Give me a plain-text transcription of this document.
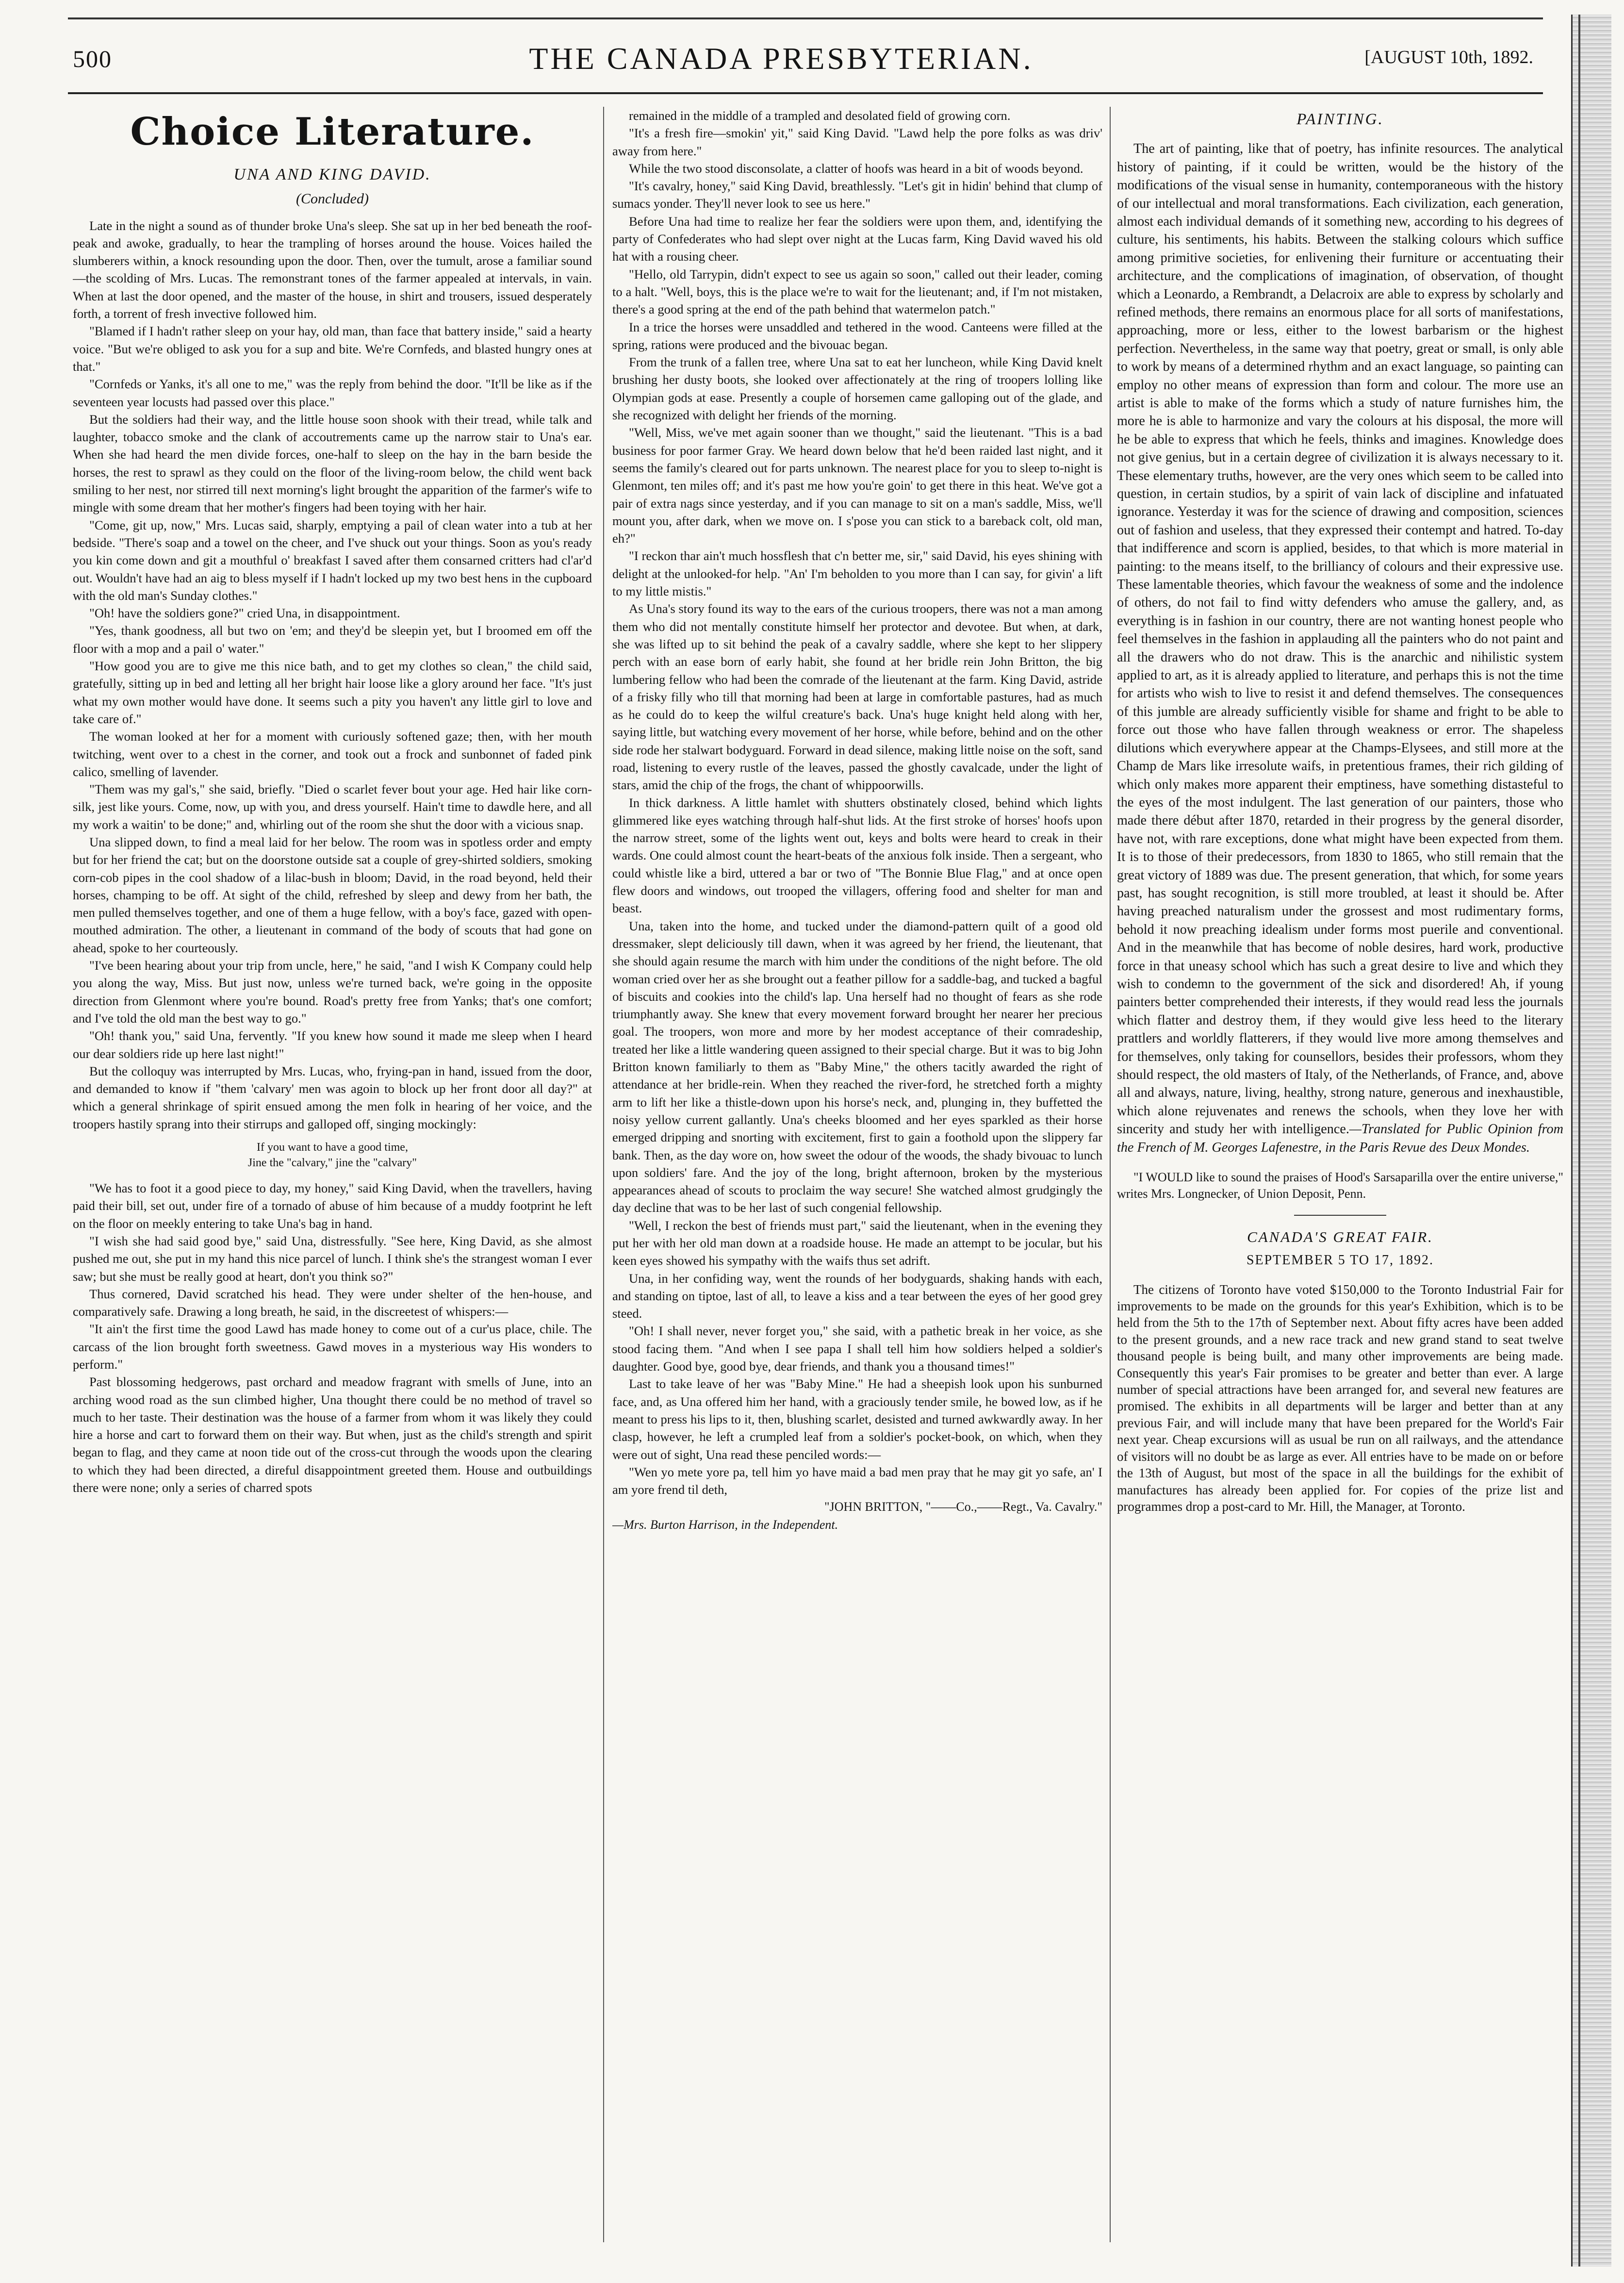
500	THE CANADA PRESBYTERIAN.	[AUGUST 10th, 1892.
Choice Literature.
UNA AND KING DAVID.
(Concluded)

Late in the night a sound as of thunder broke Una's sleep. She sat up in her bed beneath the roof-peak and awoke, gradually, to hear the trampling of horses around the house. Voices hailed the slumberers within, a knock resounding upon the door. Then, over the tumult, arose a familiar sound—the scolding of Mrs. Lucas. The remonstrant tones of the farmer appealed at intervals, in vain. When at last the door opened, and the master of the house, in shirt and trousers, issued desperately forth, a torrent of fresh invective followed him.

"Blamed if I hadn't rather sleep on your hay, old man, than face that battery inside," said a hearty voice. "But we're obliged to ask you for a sup and bite. We're Cornfeds, and blasted hungry ones at that."

"Cornfeds or Yanks, it's all one to me," was the reply from behind the door. "It'll be like as if the seventeen year locusts had passed over this place."

But the soldiers had their way, and the little house soon shook with their tread, while talk and laughter, tobacco smoke and the clank of accoutrements came up the narrow stair to Una's ear. When she had heard the men divide forces, one-half to sleep on the hay in the barn beside the horses, the rest to sprawl as they could on the floor of the living-room below, the child went back smiling to her nest, nor stirred till next morning's light brought the apparition of the farmer's wife to mingle with some dream that her mother's fingers had been toying with her hair.

"Come, git up, now," Mrs. Lucas said, sharply, emptying a pail of clean water into a tub at her bedside. "There's soap and a towel on the cheer, and I've shuck out your things. Soon as you's ready you kin come down and git a mouthful o' breakfast I saved after them consarned critters had cl'ar'd out. Wouldn't have had an aig to bless myself if I hadn't locked up my two best hens in the cupboard with the old man's Sunday clothes."

"Oh! have the soldiers gone?" cried Una, in disappointment.

"Yes, thank goodness, all but two on 'em; and they'd be sleepin yet, but I broomed em off the floor with a mop and a pail o' water."

"How good you are to give me this nice bath, and to get my clothes so clean," the child said, gratefully, sitting up in bed and letting all her bright hair loose like a glory around her face. "It's just what my own mother would have done. It seems such a pity you haven't any little girl to love and take care of."

The woman looked at her for a moment with curiously softened gaze; then, with her mouth twitching, went over to a chest in the corner, and took out a frock and sunbonnet of faded pink calico, smelling of lavender.

"Them was my gal's," she said, briefly. "Died o scarlet fever bout your age. Hed hair like corn-silk, jest like yours. Come, now, up with you, and dress yourself. Hain't time to dawdle here, and all my work a waitin' to be done;" and, whirling out of the room she shut the door with a vicious snap.

Una slipped down, to find a meal laid for her below. The room was in spotless order and empty but for her friend the cat; but on the doorstone outside sat a couple of grey-shirted soldiers, smoking corn-cob pipes in the cool shadow of a lilac-bush in bloom; David, in the road beyond, held their horses, champing to be off. At sight of the child, refreshed by sleep and dewy from her bath, the men pulled themselves together, and one of them a huge fellow, with a boy's face, gazed with open-mouthed admiration. The other, a lieutenant in command of the body of scouts that had gone on ahead, spoke to her courteously.

"I've been hearing about your trip from uncle, here," he said, "and I wish K Company could help you along the way, Miss. But just now, unless we're turned back, we're going in the opposite direction from Glenmont where you're bound. Road's pretty free from Yanks; that's one comfort; and I've told the old man the best way to go."

"Oh! thank you," said Una, fervently. "If you knew how sound it made me sleep when I heard our dear soldiers ride up here last night!"

But the colloquy was interrupted by Mrs. Lucas, who, frying-pan in hand, issued from the door, and demanded to know if "them 'calvary' men was agoin to block up her front door all day?" at which a general shrinkage of spirit ensued among the men folk in hearing of her voice, and the troopers hastily sprang into their stirrups and galloped off, singing mockingly:

If you want to have a good time,
Jine the "calvary," jine the "calvary"

"We has to foot it a good piece to day, my honey," said King David, when the travellers, having paid their bill, set out, under fire of a tornado of abuse of him because of a muddy footprint he left on the floor on meekly entering to take Una's bag in hand.

"I wish she had said good bye," said Una, distressfully. "See here, King David, as she almost pushed me out, she put in my hand this nice parcel of lunch. I think she's the strangest woman I ever saw; but she must be really good at heart, don't you think so?"

Thus cornered, David scratched his head. They were under shelter of the hen-house, and comparatively safe. Drawing a long breath, he said, in the discreetest of whispers:—

"It ain't the first time the good Lawd has made honey to come out of a cur'us place, chile. The carcass of the lion brought forth sweetness. Gawd moves in a mysterious way His wonders to perform."

Past blossoming hedgerows, past orchard and meadow fragrant with smells of June, into an arching wood road as the sun climbed higher, Una thought there could be no method of travel so much to her taste. Their destination was the house of a farmer from whom it was likely they could hire a horse and cart to forward them on their way. But when, just as the child's strength and spirit began to flag, and they came at noon tide out of the cross-cut through the woods upon the clearing to which they had been directed, a direful disappointment greeted them. House and outbuildings there were none; only a series of charred spots

remained in the middle of a trampled and desolated field of growing corn.

"It's a fresh fire—smokin' yit," said King David. "Lawd help the pore folks as was driv' away from here."

While the two stood disconsolate, a clatter of hoofs was heard in a bit of woods beyond.

"It's cavalry, honey," said King David, breathlessly. "Let's git in hidin' behind that clump of sumacs yonder. They'll never look to see us here."

Before Una had time to realize her fear the soldiers were upon them, and, identifying the party of Confederates who had slept over night at the Lucas farm, King David waved his old hat with a rousing cheer.

"Hello, old Tarrypin, didn't expect to see us again so soon," called out their leader, coming to a halt. "Well, boys, this is the place we're to wait for the lieutenant; and, if I'm not mistaken, there's a good spring at the end of the path behind that watermelon patch."

In a trice the horses were unsaddled and tethered in the wood. Canteens were filled at the spring, rations were produced and the bivouac began.

From the trunk of a fallen tree, where Una sat to eat her luncheon, while King David knelt brushing her dusty boots, she looked over affectionately at the ring of troopers lolling like Olympian gods at ease. Presently a couple of horsemen came galloping out of the glade, and she recognized with delight her friends of the morning.

"Well, Miss, we've met again sooner than we thought," said the lieutenant. "This is a bad business for poor farmer Gray. We heard down below that he'd been raided last night, and it seems the family's cleared out for parts unknown. The nearest place for you to sleep to-night is Glenmont, ten miles off; and it's past me how you're goin' to get there in this heat. We've got a pair of extra nags since yesterday, and if you can manage to sit on a man's saddle, Miss, we'll mount you, after dark, when we move on. I s'pose you can stick to a bareback colt, old man, eh?"

"I reckon thar ain't much hossflesh that c'n better me, sir," said David, his eyes shining with delight at the unlooked-for help. "An' I'm beholden to you more than I can say, for givin' a lift to my little mistis."

As Una's story found its way to the ears of the curious troopers, there was not a man among them who did not mentally constitute himself her protector and devotee. But when, at dark, she was lifted up to sit behind the peak of a cavalry saddle, where she kept to her slippery perch with an ease born of early habit, she found at her bridle rein John Britton, the big lumbering fellow who had been the comrade of the lieutenant at the farm. King David, astride of a frisky filly who till that morning had been at large in comfortable pastures, had as much as he could do to keep the wilful creature's back. Una's huge knight held along with her, saying little, but watching every movement of her horse, while before, behind and on the other side rode her stalwart bodyguard. Forward in dead silence, making little noise on the soft, sand road, listening to every rustle of the leaves, passed the ghostly cavalcade, under the light of stars, amid the chip of the frogs, the chant of whippoorwills.

In thick darkness. A little hamlet with shutters obstinately closed, behind which lights glimmered like eyes watching through half-shut lids. At the first stroke of horses' hoofs upon the narrow street, some of the lights went out, keys and bolts were heard to creak in their wards. One could almost count the heart-beats of the anxious folk inside. Then a sergeant, who could whistle like a bird, uttered a bar or two of "The Bonnie Blue Flag," and at once open flew doors and windows, out trooped the villagers, offering food and shelter for man and beast.

Una, taken into the home, and tucked under the diamond-pattern quilt of a good old dressmaker, slept deliciously till dawn, when it was agreed by her friend, the lieutenant, that she should again resume the march with him under the conditions of the night before. The old woman cried over her as she brought out a feather pillow for a saddle-bag, and tucked a bagful of biscuits and cookies into the child's lap. Una herself had no thought of fears as she rode triumphantly away. She knew that every movement forward brought her nearer her precious goal. The troopers, won more and more by her modest acceptance of their comradeship, treated her like a little wandering queen assigned to their special charge. But it was to big John Britton known familiarly to them as "Baby Mine," the others tacitly awarded the right of attendance at her bridle-rein. When they reached the river-ford, he stretched forth a mighty arm to lift her like a thistle-down upon his horse's neck, and, plunging in, they buffetted the noisy yellow current gallantly. Una's cheeks bloomed and her eyes sparkled as their horse emerged dripping and snorting with excitement, first to gain a foothold upon the slippery far bank. Then, as the day wore on, how sweet the odour of the woods, the shady bivouac to lunch upon soldiers' fare. And the joy of the long, bright afternoon, broken by the mysterious appearances ahead of scouts to proclaim the way secure! She watched almost grudgingly the day decline that was to be her last of such congenial fellowship.

"Well, I reckon the best of friends must part," said the lieutenant, when in the evening they put her with her old man down at a roadside house. He made an attempt to be jocular, but his keen eyes showed his sympathy with the waifs thus set adrift.

Una, in her confiding way, went the rounds of her bodyguards, shaking hands with each, and standing on tiptoe, last of all, to leave a kiss and a tear between the eyes of her good grey steed.

"Oh! I shall never, never forget you," she said, with a pathetic break in her voice, as she stood facing them. "And when I see papa I shall tell him how soldiers helped a soldier's daughter. Good bye, good bye, dear friends, and thank you a thousand times!"

Last to take leave of her was "Baby Mine." He had a sheepish look upon his sunburned face, and, as Una offered him her hand, with a graciously tender smile, he bowed low, as if he meant to press his lips to it, then, blushing scarlet, desisted and turned awkwardly away. In her clasp, however, he left a crumpled leaf from a soldier's pocket-book, on which, when they were out of sight, Una read these penciled words:—

"Wen yo mete yore pa, tell him yo have maid a bad men pray that he may git yo safe, an' I am yore frend til deth,

"JOHN BRITTON, "——Co.,——Regt., Va. Cavalry."

—Mrs. Burton Harrison, in the Independent.

PAINTING.

The art of painting, like that of poetry, has infinite resources. The analytical history of painting, if it could be written, would be the history of the modifications of the visual sense in humanity, contemporaneous with the history of our intellectual and moral transformations. Each civilization, each generation, almost each individual demands of it something new, according to his degrees of culture, his sentiments, his habits. Between the stalking colours which suffice among primitive societies, for enlivening their furniture or accentuating their architecture, and the complications of imagination, of observation, of thought which a Leonardo, a Rembrandt, a Delacroix are able to express by scholarly and refined methods, there remains an enormous place for all sorts of manifestations, approaching, more or less, either to the lowest barbarism or the highest perfection. Nevertheless, in the same way that poetry, great or small, is only able to work by means of a determined rhythm and an exact language, so painting can employ no other means of expression than form and colour. The more use an artist is able to make of the forms which a study of nature furnishes him, the more he is able to harmonize and vary the colours at his disposal, the more will he be able to express that which he feels, thinks and imagines. Knowledge does not give genius, but in a certain degree of civilization it is always necessary to it. These elementary truths, however, are the very ones which seem to be called into question, in certain studios, by a spirit of vain lack of discipline and infatuated ignorance. Yesterday it was for the science of drawing and composition, sciences out of fashion and useless, that they expressed their contempt and hatred. To-day that indifference and scorn is applied, besides, to that which is more material in painting: to the means itself, to the brilliancy of colours and their expressive use. These lamentable theories, which favour the weakness of some and the indolence of others, do not fail to find witty defenders who amuse the gallery, and, as everything is in fashion in our country, there are not wanting honest people who feel themselves in the fashion in applauding all the painters who do not paint and all the drawers who do not draw. This is the anarchic and nihilistic system applied to art, as it is already applied to literature, and perhaps this is not the time for artists who wish to live to resist it and defend themselves. The consequences of this jumble are already sufficiently visible for shame and fright to be able to force out those who have fallen through weakness or error. The shapeless dilutions which everywhere appear at the Champs-Elysees, and still more at the Champ de Mars like irresolute waifs, in pretentious frames, their rich gilding of which only makes more apparent their emptiness, have something distasteful to the eyes of the most indulgent. The last generation of our painters, those who made there début after 1870, retarded in their progress by the general disorder, have not, with rare exceptions, done what might have been expected from them. It is to those of their predecessors, from 1830 to 1865, who still remain that the great victory of 1889 was due. The present generation, that which, for some years past, has sought recognition, is still more troubled, at least it should be. After having preached naturalism under the grossest and most rudimentary forms, behold it now preaching idealism under forms most puerile and conventional. And in the meanwhile that has become of noble desires, hard work, productive force in that uneasy school which has such a great desire to live and which they wish to condemn to the government of the sick and disordered! Ah, if young painters better comprehended their interests, if they would read less the journals which flatter and destroy them, if they would give less heed to the literary prattlers and worldly flatterers, if they would live more among themselves and for themselves, only taking for counsellors, besides their professors, whom they should respect, the old masters of Italy, of the Netherlands, of France, and, above all and always, nature, living, healthy, strong nature, generous and inexhaustible, which alone rejuvenates and renews the schools, when they love her with sincerity and study her with intelligence.—Translated for Public Opinion from the French of M. Georges Lafenestre, in the Paris Revue des Deux Mondes.

"I WOULD like to sound the praises of Hood's Sarsaparilla over the entire universe," writes Mrs. Longnecker, of Union Deposit, Penn.

CANADA'S GREAT FAIR.
SEPTEMBER 5 TO 17, 1892.

The citizens of Toronto have voted $150,000 to the Toronto Industrial Fair for improvements to be made on the grounds for this year's Exhibition, which is to be held from the 5th to the 17th of September next. About fifty acres have been added to the present grounds, and a new race track and new grand stand to seat twelve thousand people is being built, and many other improvements are being made. Consequently this year's Fair promises to be greater and better than ever. A large number of special attractions have been arranged for, and several new features are promised. The exhibits in all departments will be larger and better than at any previous Fair, and will include many that have been prepared for the World's Fair next year. Cheap excursions will as usual be run on all railways, and the attendance of visitors will no doubt be as large as ever. All entries have to be made on or before the 13th of August, but most of the space in all the buildings for the exhibit of manufactures has already been applied for. For copies of the prize list and programmes drop a post-card to Mr. Hill, the Manager, at Toronto.
